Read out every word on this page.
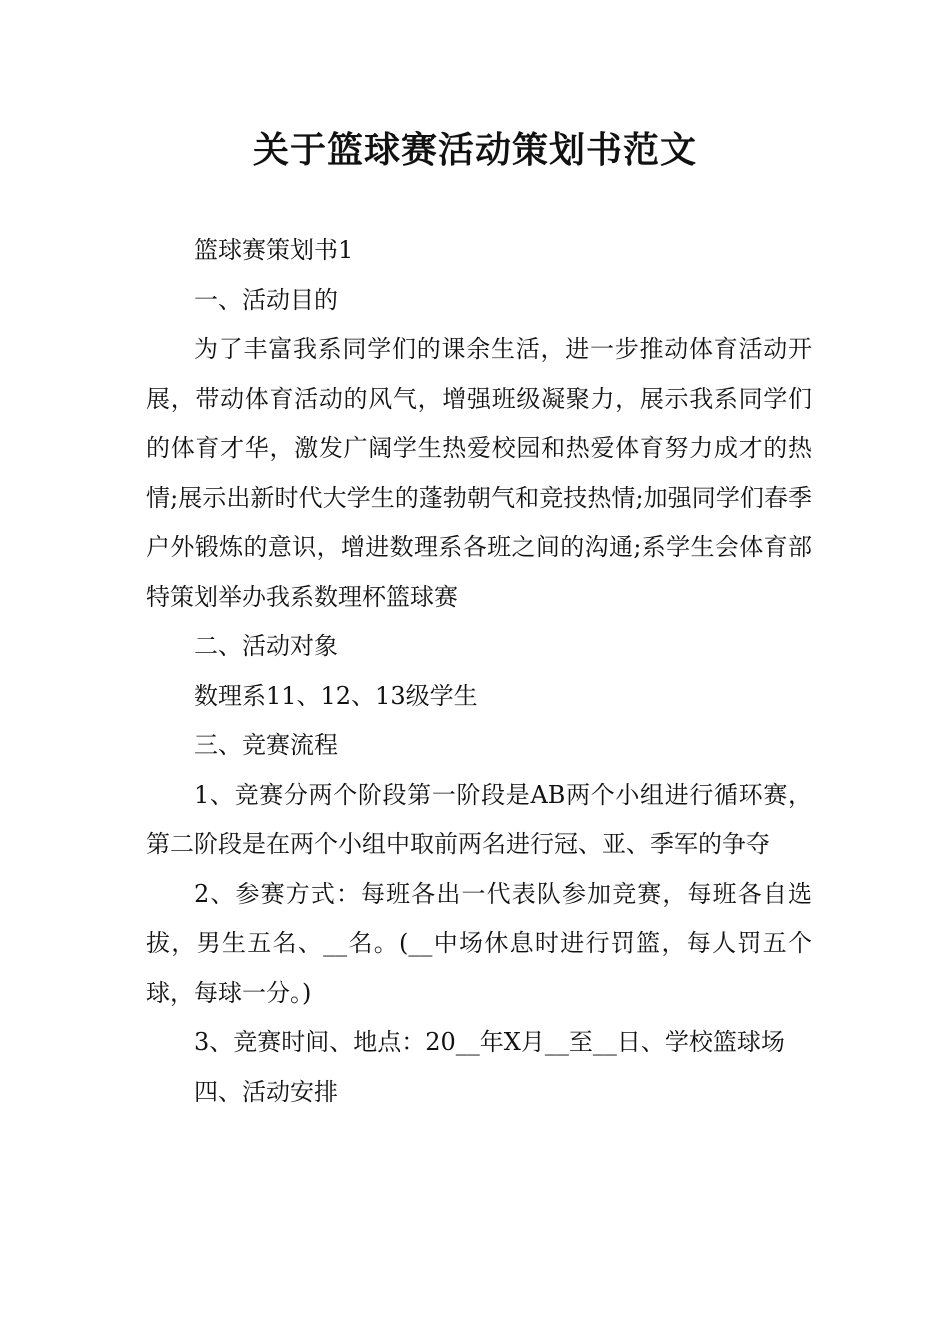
关于篮球赛活动策划书范文

篮球赛策划书1

一、活动目的

为了丰富我系同学们的课余生活，进一步推动体育活动开展，带动体育活动的风气，增强班级凝聚力，展示我系同学们的体育才华，激发广阔学生热爱校园和热爱体育努力成才的热情;展示出新时代大学生的蓬勃朝气和竞技热情;加强同学们春季户外锻炼的意识，增进数理系各班之间的沟通;系学生会体育部特策划举办我系数理杯篮球赛

二、活动对象

数理系11、12、13级学生

三、竞赛流程

1、竞赛分两个阶段第一阶段是AB两个小组进行循环赛，第二阶段是在两个小组中取前两名进行冠、亚、季军的争夺

2、参赛方式：每班各出一代表队参加竞赛，每班各自选拔，男生五名、__名。(__中场休息时进行罚篮，每人罚五个球，每球一分。)

3、竞赛时间、地点：20__年X月__至__日、学校篮球场

四、活动安排
